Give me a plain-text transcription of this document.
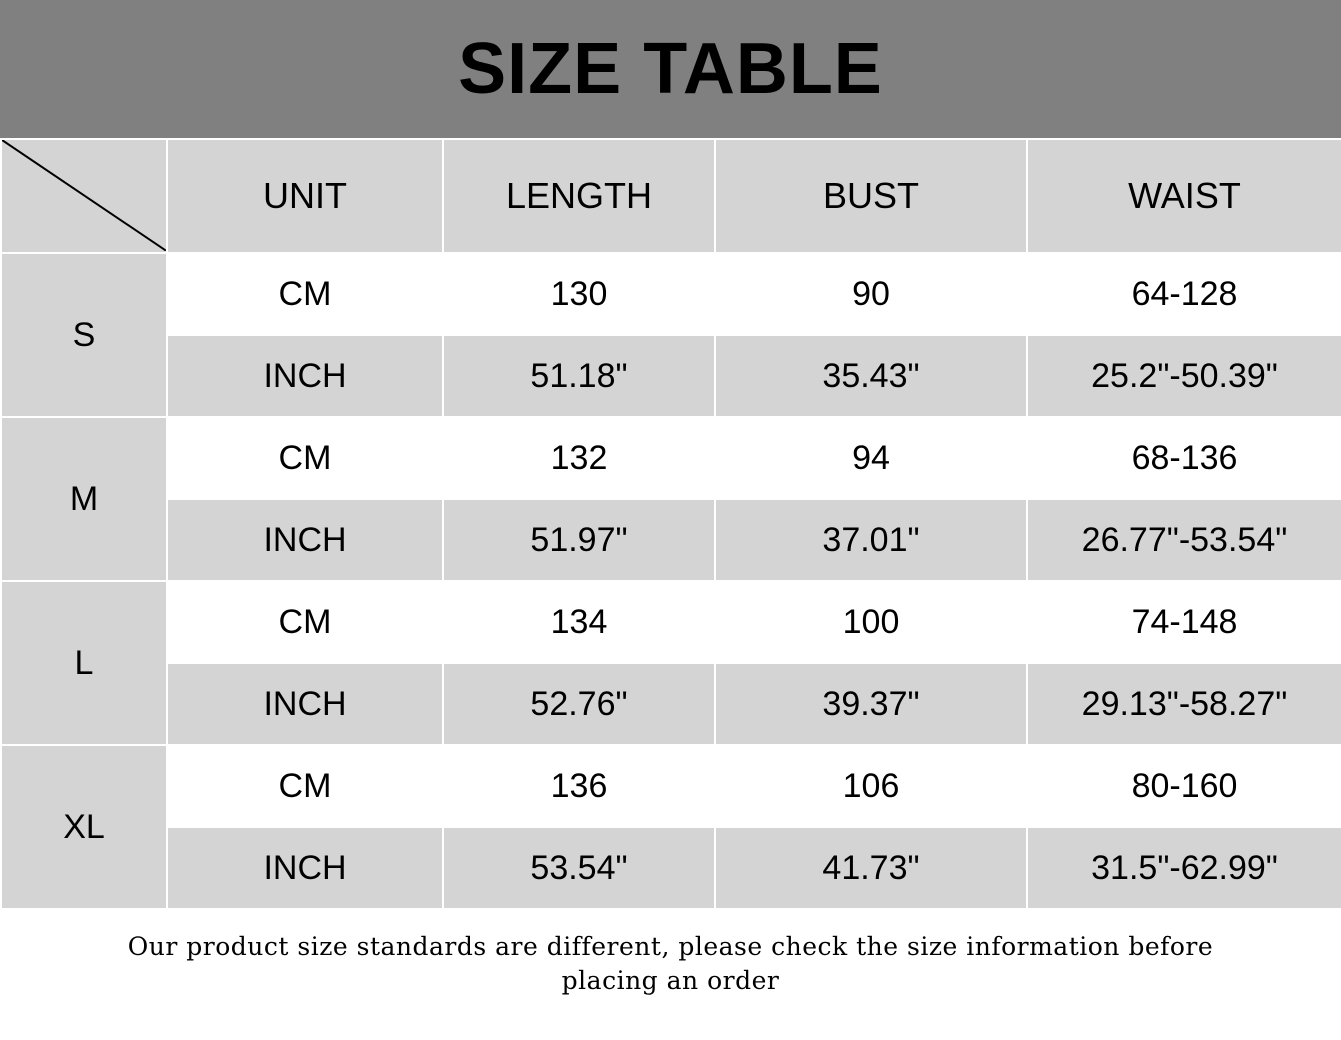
SIZE TABLE
	UNIT	LENGTH	BUST	WAIST
S	CM	130	90	64-128
	INCH	51.18"	35.43"	25.2"-50.39"
M	CM	132	94	68-136
	INCH	51.97"	37.01"	26.77"-53.54"
L	CM	134	100	74-148
	INCH	52.76"	39.37"	29.13"-58.27"
XL	CM	136	106	80-160
	INCH	53.54"	41.73"	31.5"-62.99"
Our product size standards are different, please check the size information before
placing an order
